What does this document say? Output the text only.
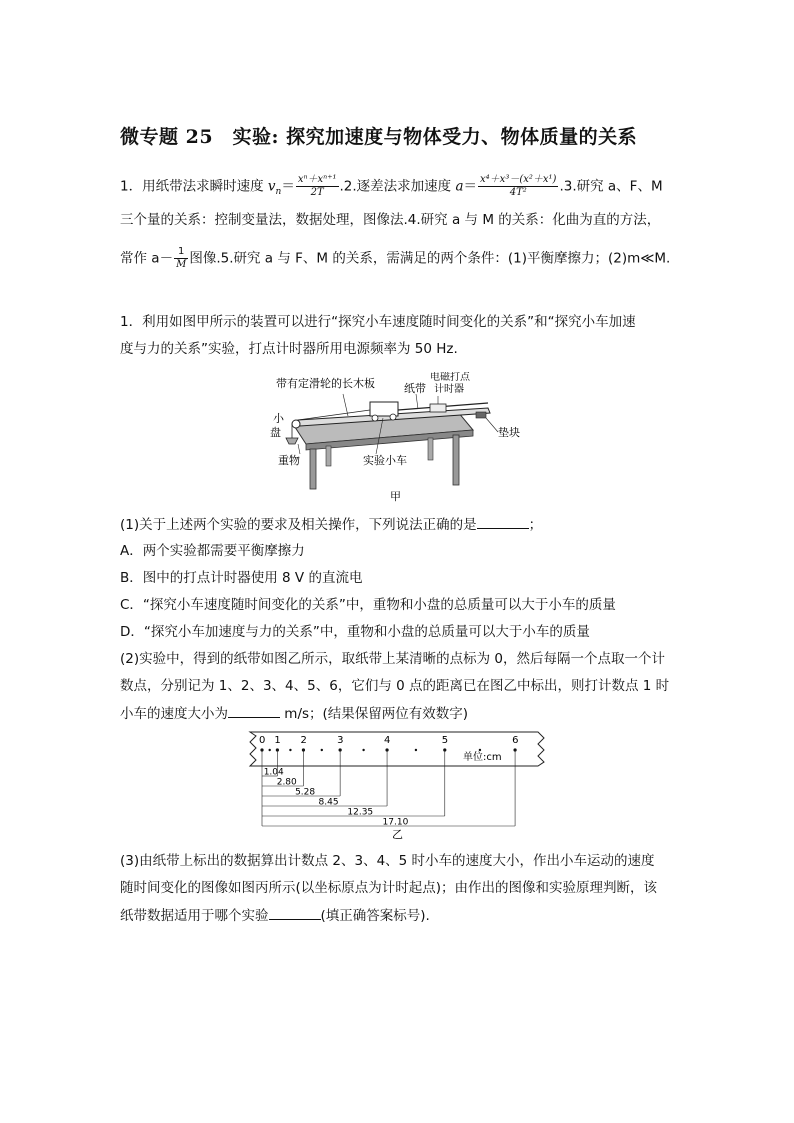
微专题 25　实验: 探究加速度与物体受力、物体质量的关系
1．用纸带法求瞬时速度 $v_n= \frac{\text{xⁿ＋xⁿ⁺¹}}{2T} .2$.逐差法求加速度 $a= \frac{\text{x⁴＋x³－(x²＋x¹)}}{\text{4T²}} .3$.研究 a、F、M
三个量的关系：控制变量法，数据处理，图像法.4.研究 a 与 M 的关系：化曲为直的方法，
常作 $a- \frac{1}{M}$ 图像.5.研究 a 与 F、M 的关系，需满足的两个条件：(1)平衡摩擦力；(2)m≪M.
1．利用如图甲所示的装置可以进行“探究小车速度随时间变化的关系”和“探究小车加速
度与力的关系”实验，打点计时器所用电源频率为 50 Hz.
带有定滑轮的长木板	纸带
电磁打点
计时器
小
盘	垫块
重物	实验小车
甲
(1)关于上述两个实验的要求及相关操作，下列说法正确的是	；
A．两个实验都需要平衡摩擦力
B．图中的打点计时器使用 8 V 的直流电
C．“探究小车速度随时间变化的关系”中，重物和小盘的总质量可以大于小车的质量
D．“探究小车加速度与力的关系”中，重物和小盘的总质量可以大于小车的质量
(2)实验中，得到的纸带如图乙所示，取纸带上某清晰的点标为 0，然后每隔一个点取一个计
数点，分别记为 1、2、3、4、5、6，它们与 0 点的距离已在图乙中标出，则打计数点 1 时
小车的速度大小为	m/s；(结果保留两位有效数字)
0 1 2	3	4	5	6
1.04
2.80
5.28
8.45
12.35
17.10
单位:cm
乙
(3)由纸带上标出的数据算出计数点 2、3、4、5 时小车的速度大小，作出小车运动的速度
随时间变化的图像如图丙所示(以坐标原点为计时起点)；由作出的图像和实验原理判断，该
纸带数据适用于哪个实验	(填正确答案标号).
